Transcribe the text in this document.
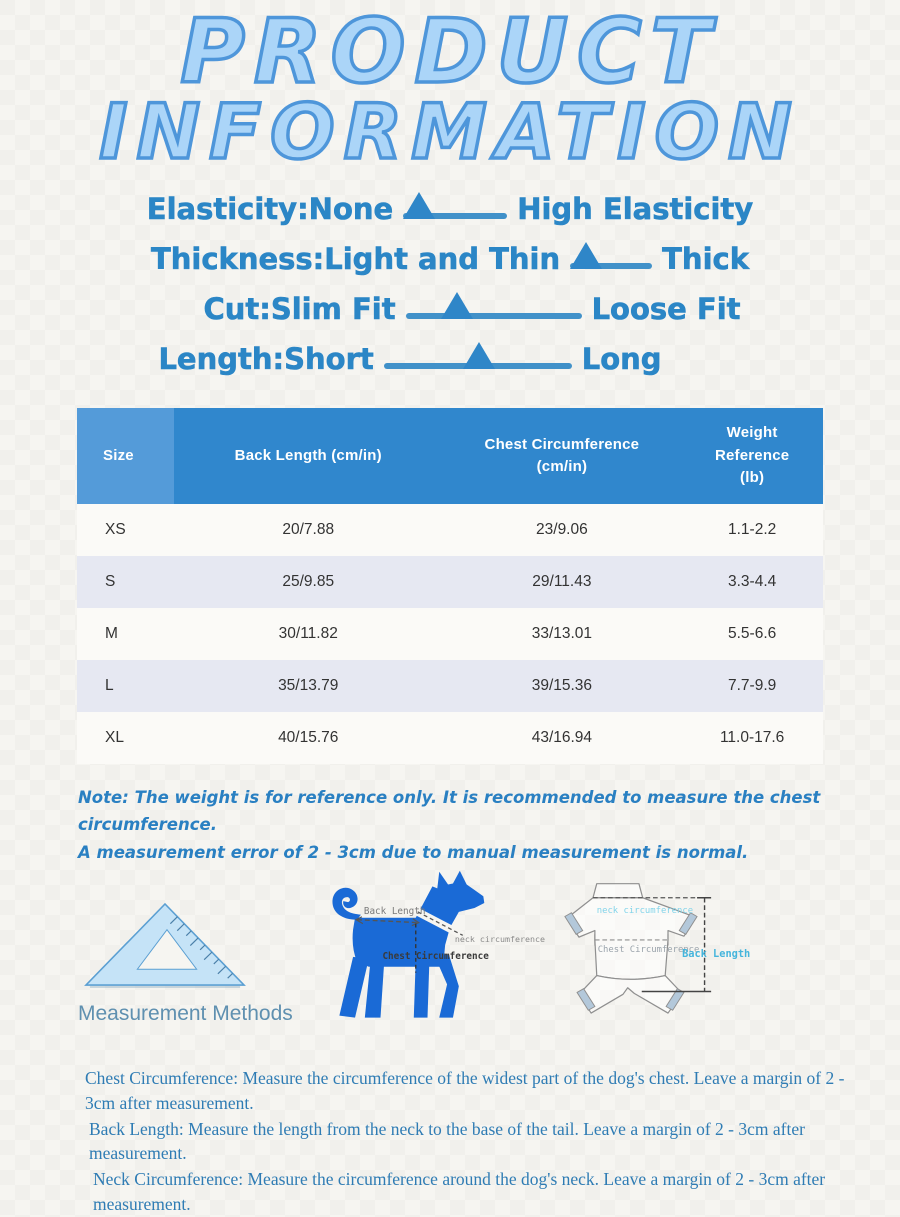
PRODUCT
INFORMATION
Elasticity:None	High Elasticity
Thickness:Light and Thin	Thick
Cut:Slim Fit	Loose Fit
Length:Short	Long
Size	Back Length (cm/in)	Chest Circumference (cm/in)	Weight Reference (lb)
XS	20/7.88	23/9.06	1.1-2.2
S	25/9.85	29/11.43	3.3-4.4
M	30/11.82	33/13.01	5.5-6.6
L	35/13.79	39/15.36	7.7-9.9
XL	40/15.76	43/16.94	11.0-17.6
Note: The weight is for reference only. It is recommended to measure the chest circumference.
A measurement error of 2 - 3cm due to manual measurement is normal.
Measurement Methods
Back Length
neck circumference
Chest Circumference
neck circumference
Chest Circumference
Back Length

Chest Circumference: Measure the circumference of the widest part of the dog's chest. Leave a margin of 2 - 3cm after measurement.

Back Length: Measure the length from the neck to the base of the tail. Leave a margin of 2 - 3cm after measurement.

Neck Circumference: Measure the circumference around the dog's neck. Leave a margin of 2 - 3cm after measurement.
